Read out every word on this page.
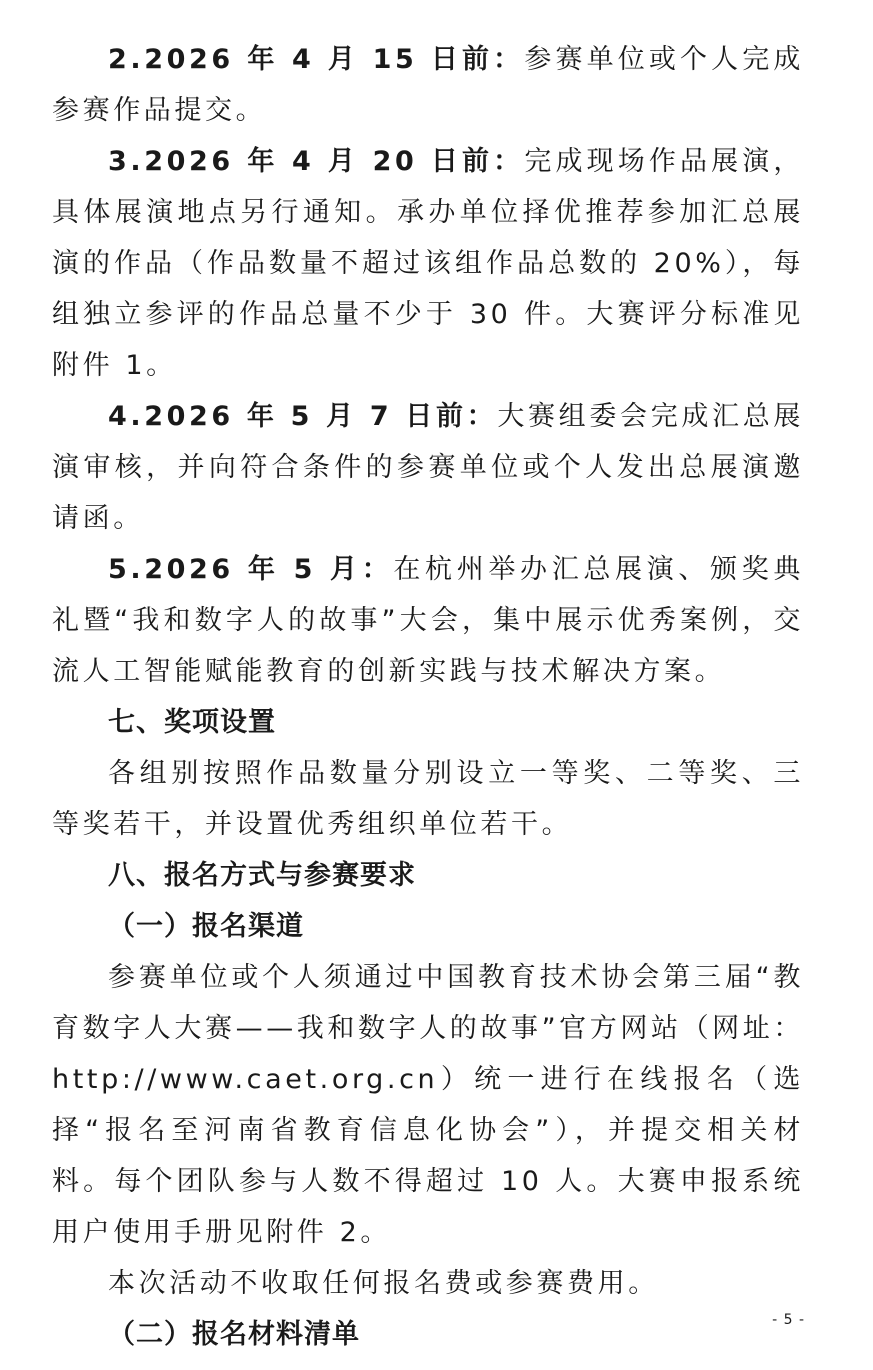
2.2026 年 4 月 15 日前：参赛单位或个人完成参赛作品提交。

3.2026 年 4 月 20 日前：完成现场作品展演，具体展演地点另行通知。承办单位择优推荐参加汇总展演的作品（作品数量不超过该组作品总数的 20%），每组独立参评的作品总量不少于 30 件。大赛评分标准见附件 1。

4.2026 年 5 月 7 日前：大赛组委会完成汇总展演审核，并向符合条件的参赛单位或个人发出总展演邀请函。

5.2026 年 5 月：在杭州举办汇总展演、颁奖典礼暨“我和数字人的故事”大会，集中展示优秀案例，交流人工智能赋能教育的创新实践与技术解决方案。

七、奖项设置

各组别按照作品数量分别设立一等奖、二等奖、三等奖若干，并设置优秀组织单位若干。

八、报名方式与参赛要求

（一）报名渠道

参赛单位或个人须通过中国教育技术协会第三届“教育数字人大赛——我和数字人的故事”官方网站（网址：http://www.caet.org.cn）统一进行在线报名（选择“报名至河南省教育信息化协会”），并提交相关材料。每个团队参与人数不得超过 10 人。大赛申报系统用户使用手册见附件 2。

本次活动不收取任何报名费或参赛费用。

（二）报名材料清单	- 5 -
